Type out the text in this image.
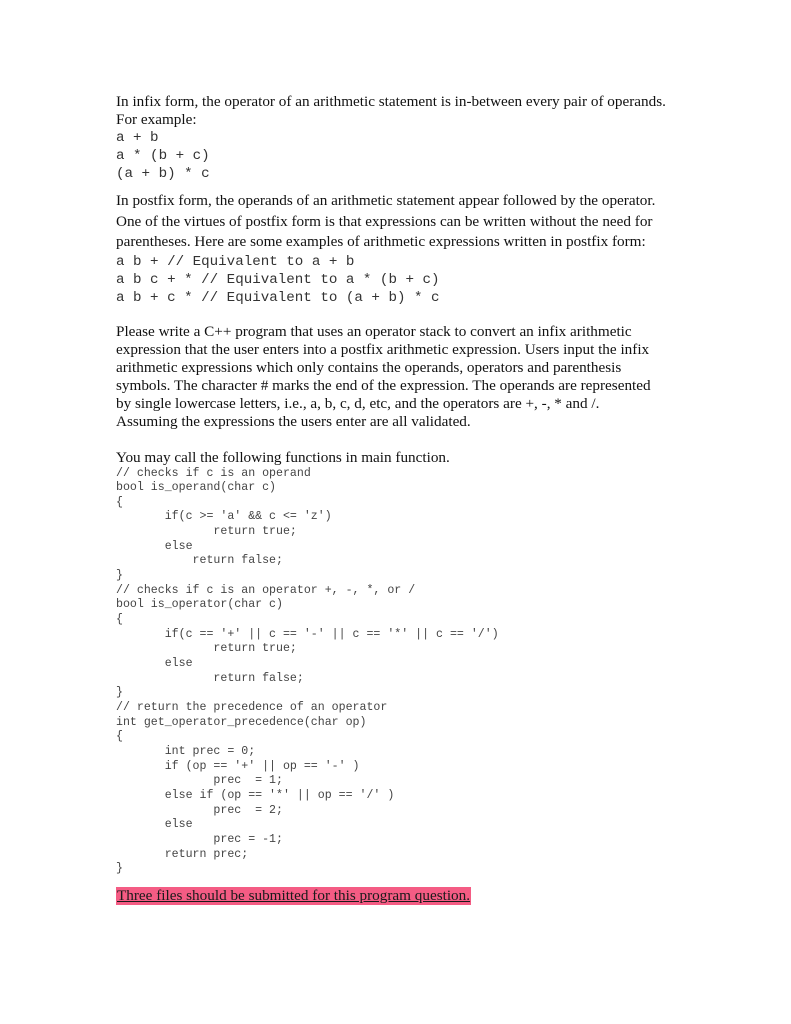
In infix form, the operator of an arithmetic statement is in-between every pair of operands.

For example:

a + b

a * (b + c)

(a + b) * c

In postfix form, the operands of an arithmetic statement appear followed by the operator.

One of the virtues of postfix form is that expressions can be written without the need for

parentheses. Here are some examples of arithmetic expressions written in postfix form:

a b + // Equivalent to a + b

a b c + * // Equivalent to a * (b + c)

a b + c * // Equivalent to (a + b) * c

Please write a C++ program that uses an operator stack to convert an infix arithmetic

expression that the user enters into a postfix arithmetic expression. Users input the infix

arithmetic expressions which only contains the operands, operators and parenthesis

symbols. The character # marks the end of the expression. The operands are represented

by single lowercase letters, i.e., a, b, c, d, etc, and the operators are +, -, * and /.

Assuming the expressions the users enter are all validated.

You may call the following functions in main function.

// checks if c is an operand

bool is_operand(char c)

{

if(c >= 'a' && c <= 'z')

return true;

else

return false;

}

// checks if c is an operator +, -, *, or /

bool is_operator(char c)

{

if(c == '+' || c == '-' || c == '*' || c == '/')

return true;

else

return false;

}

// return the precedence of an operator

int get_operator_precedence(char op)

{

int prec = 0;

if (op == '+' || op == '-' )

prec  = 1;

else if (op == '*' || op == '/' )

prec  = 2;

else

prec = -1;

return prec;

}

Three files should be submitted for this program question.
